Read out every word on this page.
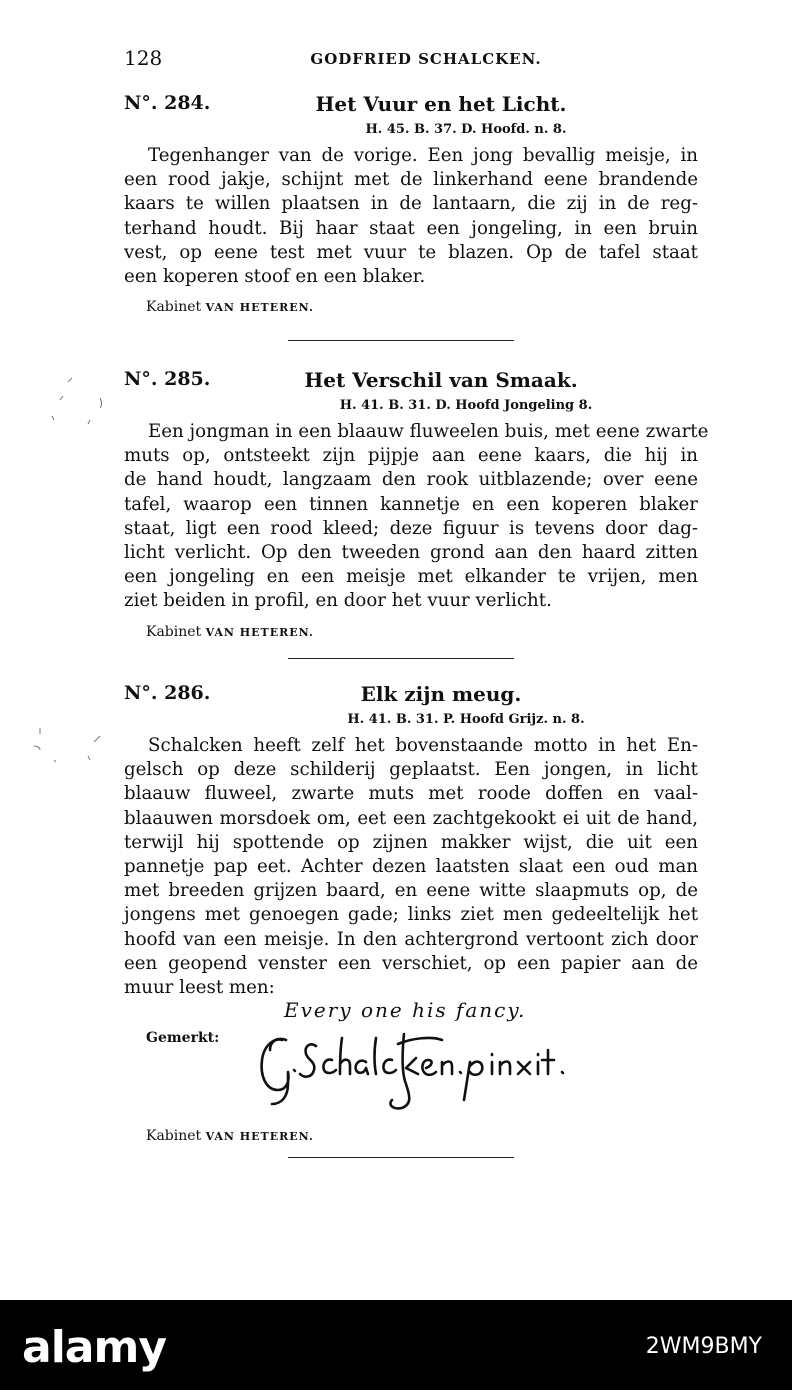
128	GODFRIED SCHALCKEN.
N°. 284.	Het Vuur en het Licht.
H. 45. B. 37. D. Hoofd. n. 8.

Tegenhanger van de vorige. Een jong bevallig meisje, in
een rood jakje, schijnt met de linkerhand eene brandende
kaars te willen plaatsen in de lantaarn, die zij in de reg-
terhand houdt. Bij haar staat een jongeling, in een bruin
vest, op eene test met vuur te blazen. Op de tafel staat
een koperen stoof en een blaker.

Kabinet VAN HETEREN.
N°. 285.	Het Verschil van Smaak.
H. 41. B. 31. D. Hoofd Jongeling 8.

Een jongman in een blaauw fluweelen buis, met eene zwarte
muts op, ontsteekt zijn pijpje aan eene kaars, die hij in
de hand houdt, langzaam den rook uitblazende; over eene
tafel, waarop een tinnen kannetje en een koperen blaker
staat, ligt een rood kleed; deze figuur is tevens door dag-
licht verlicht. Op den tweeden grond aan den haard zitten
een jongeling en een meisje met elkander te vrijen, men
ziet beiden in profil, en door het vuur verlicht.

Kabinet VAN HETEREN.
N°. 286.	Elk zijn meug.
H. 41. B. 31. P. Hoofd Grijz. n. 8.

Schalcken heeft zelf het bovenstaande motto in het En-
gelsch op deze schilderij geplaatst. Een jongen, in licht
blaauw fluweel, zwarte muts met roode doffen en vaal-
blaauwen morsdoek om, eet een zachtgekookt ei uit de hand,
terwijl hij spottende op zijnen makker wijst, die uit een
pannetje pap eet. Achter dezen laatsten slaat een oud man
met breeden grijzen baard, en eene witte slaapmuts op, de
jongens met genoegen gade; links ziet men gedeeltelijk het
hoofd van een meisje. In den achtergrond vertoont zich door
een geopend venster een verschiet, op een papier aan de
muur leest men:

Every one his fancy.
Gemerkt:
Kabinet VAN HETEREN.
alamy	2WM9BMY
